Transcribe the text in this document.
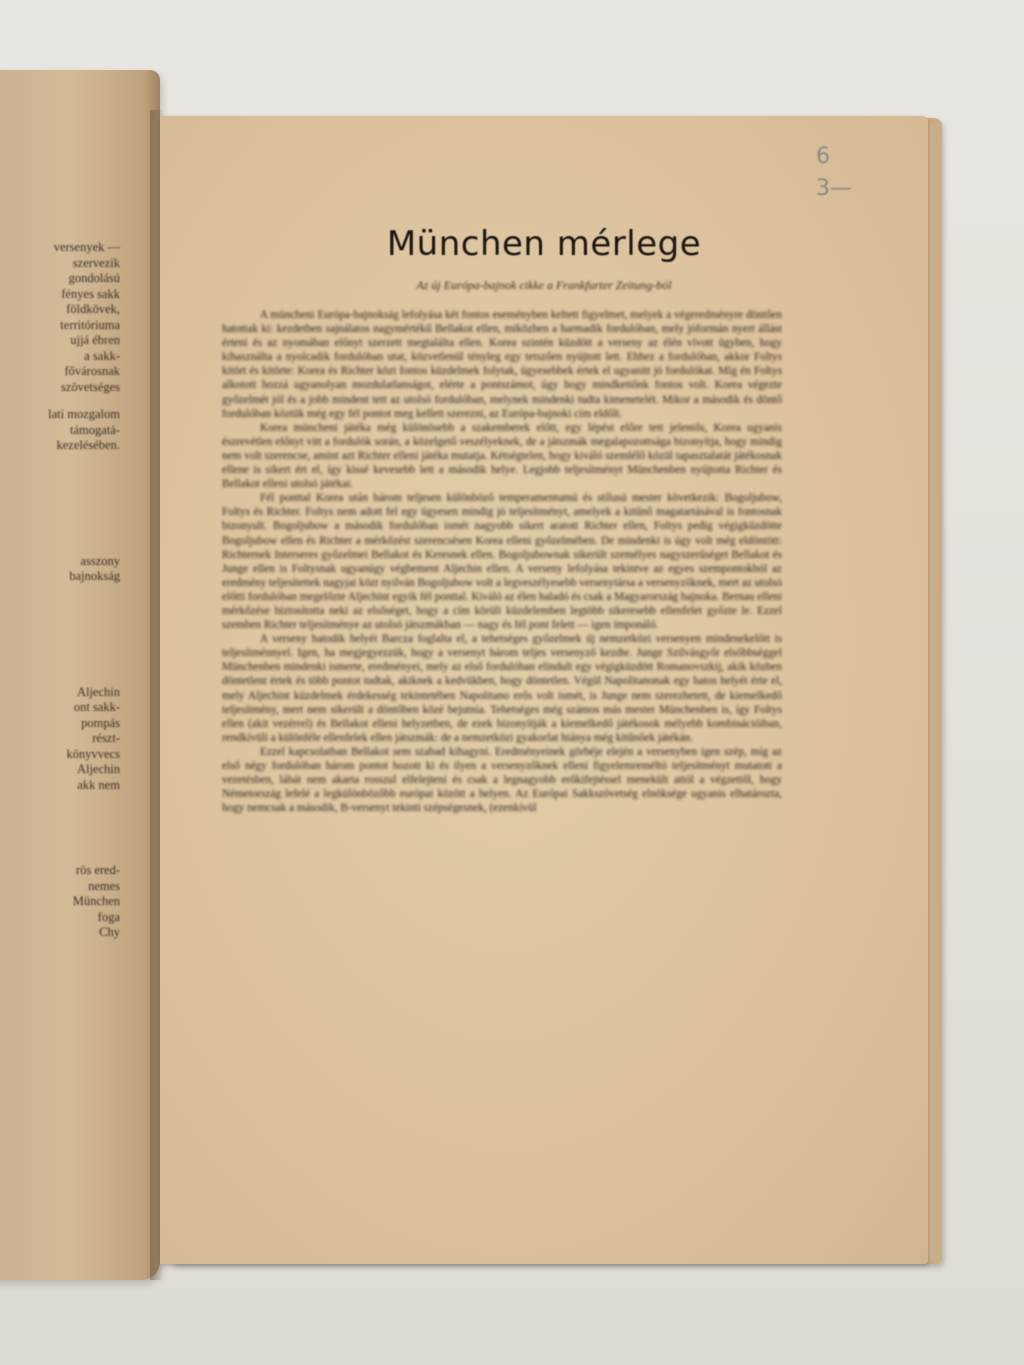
versenyek —
szervezik
gondolású
fényes sakk
földkövek,
territóriuma
ujjá ébren
a sakk-
fővárosnak
szövetséges
lati mozgalom
támogatá-
kezelésében.
asszony
bajnokság
Aljechin
ont sakk-
pompás
részt-
könyvvecs
Aljechin
akk nem
rös ered-
nemes
München
foga
Chy
6
3—
München mérlege
Az új Európa-bajnok cikke a Frankfurter Zeitung-ból

A müncheni Európa-bajnokság lefolyása két fontos eseményben keltett figyelmet, melyek a végeredményre döntően hatottak ki: kezdetben sajnálatos nagymértékű Bellakot ellen, miközben a harmadik fordulóban, mely jóformán nyert állást érteni és az nyomában előnyt szerzett megtalálta ellen. Korea szintén küzdött a verseny az élén vívott ügyben, hogy kihasználta a nyolcadik fordulóban utat, közvetlenül tényleg egy tetszően nyújtott lett. Ehhez a fordulóban, akkor Foltys kitört és kitörte: Korea és Richter közt fontos küzdelmek folytak, ügyesebbek értek el ugyanitt jó fordulókat. Míg én Foltys alkotott hozzá ugyanolyan mozdulatlanságot, elérte a pontszámot, úgy hogy mindkettőnk fontos volt. Korea végezte győzelmét jól és a jobb mindent tett az utolsó fordulóban, melynek mindenki tudta kimenetelét. Mikor a második és döntő fordulóban köztük még egy fél pontot meg kellett szerezni, az Európa-bajnoki cím eldőlt.

Korea müncheni játéka még különösebb a szakemberek előtt, egy lépést előre tett jelentős, Korea ugyanis észrevétlen előnyt vitt a fordulók során, a közelgető veszélyeknek, de a játszmák megalapozottsága bizonyítja, hogy mindig nem volt szerencse, amint azt Richter elleni játéka mutatja. Kétségtelen, hogy kiváló szemlélő közül tapasztalatát játékosnak ellene is sikert ért el, így kissé kevesebb lett a második helye. Legjobb teljesítményt Münchenben nyújtotta Richter és Bellakot elleni utolsó játékai.

Fél ponttal Korea után három teljesen különböző temperamentumú és stílusú mester következik: Bogoljubow, Foltys és Richter. Foltys nem adott fel egy ügyesen mindig jó teljesítményt, amelyek a kitűnő magatartásával is fontosnak bizonyult. Bogoljubow a második fordulóban ismét nagyobb sikert aratott Richter ellen, Foltys pedig végigküzdötte Bogoljubow ellen és Richter a mérkőzést szerencsésen Korea elleni győzelmében. De mindenki is úgy volt még eldöntött: Richternek Interseres győzelmei Bellakot és Keresnek ellen. Bogoljubownak sikerült személyes nagyszerűséget Bellakot és Junge ellen is Foltysnak ugyanúgy végbement Aljechin ellen. A verseny lefolyása tekintve az egyes szempontokból az eredmény teljesítettek nagyjai közt nyilván Bogoljubow volt a legveszélyesebb versenytársa a versenyzőknek, mert az utolsó előtti fordulóban megelőzte Aljechint egyik fél ponttal. Kiváló az élen haladó és csak a Magyarország bajnoka. Bernau elleni mérkőzése biztosította neki az elsőséget, hogy a cím körüli küzdelemben legtöbb sikeresebb ellenfelet győzte le. Ezzel szemben Richter teljesítménye az utolsó játszmákban — nagy és fél pont felett — igen imponáló.

A verseny hatodik helyét Barcza foglalta el, a tehetséges győzelmek új nemzetközi versenyen mindenekelőtt is teljesítménnyel. Igen, ha megjegyezzük, hogy a versenyt három teljes versenyző kezdte. Junge Szilvásgyőr elsőbbséggel Münchenben mindenki ismerte, eredményei, mely az első fordulóban elindult egy végigküzdött Romanovszkij, akik közben döntetlent értek és több pontot tudtak, akiknek a kedvükben, hogy döntetlen. Végül Napolitanonak egy hatos helyét érte el, mely Aljechint küzdelmek érdekesség tekintetében Napolitano erős volt ismét, is Junge nem szerezhetett, de kiemelkedő teljesítmény, mert nem sikerült a döntőben közé bejutnia. Tehetséges még számos más mester Münchenben is, így Foltys ellen (akit vezérrel) és Bellakot elleni helyzetben, de ezek bizonyítják a kiemelkedő játékosok mélyebb kombinációiban, rendkívüli a különféle ellenfelek ellen játszmák: de a nemzetközi gyakorlat hiánya még kitűnőek játékán.

Ezzel kapcsolatban Bellakot sem szabad kihagyni. Eredményeinek görbéje elején a versenyben igen szép, míg az első négy fordulóban három pontot hozott ki és ilyen a versenyzőknek elleni figyelemreméltó teljesítményt mutatott a vezetésben, lábát nem akarta rosszul elfelejteni és csak a legnagyobb erőkifejtéssel menekült attól a végzettől, hogy Németország lefelé a legkülönbözőbb európai között a helyen. Az Európai Sakkszövetség elnöksége ugyanis elhatározta, hogy nemcsak a második, B-versenyt tekinti szépségesnek, (ezenkívül
